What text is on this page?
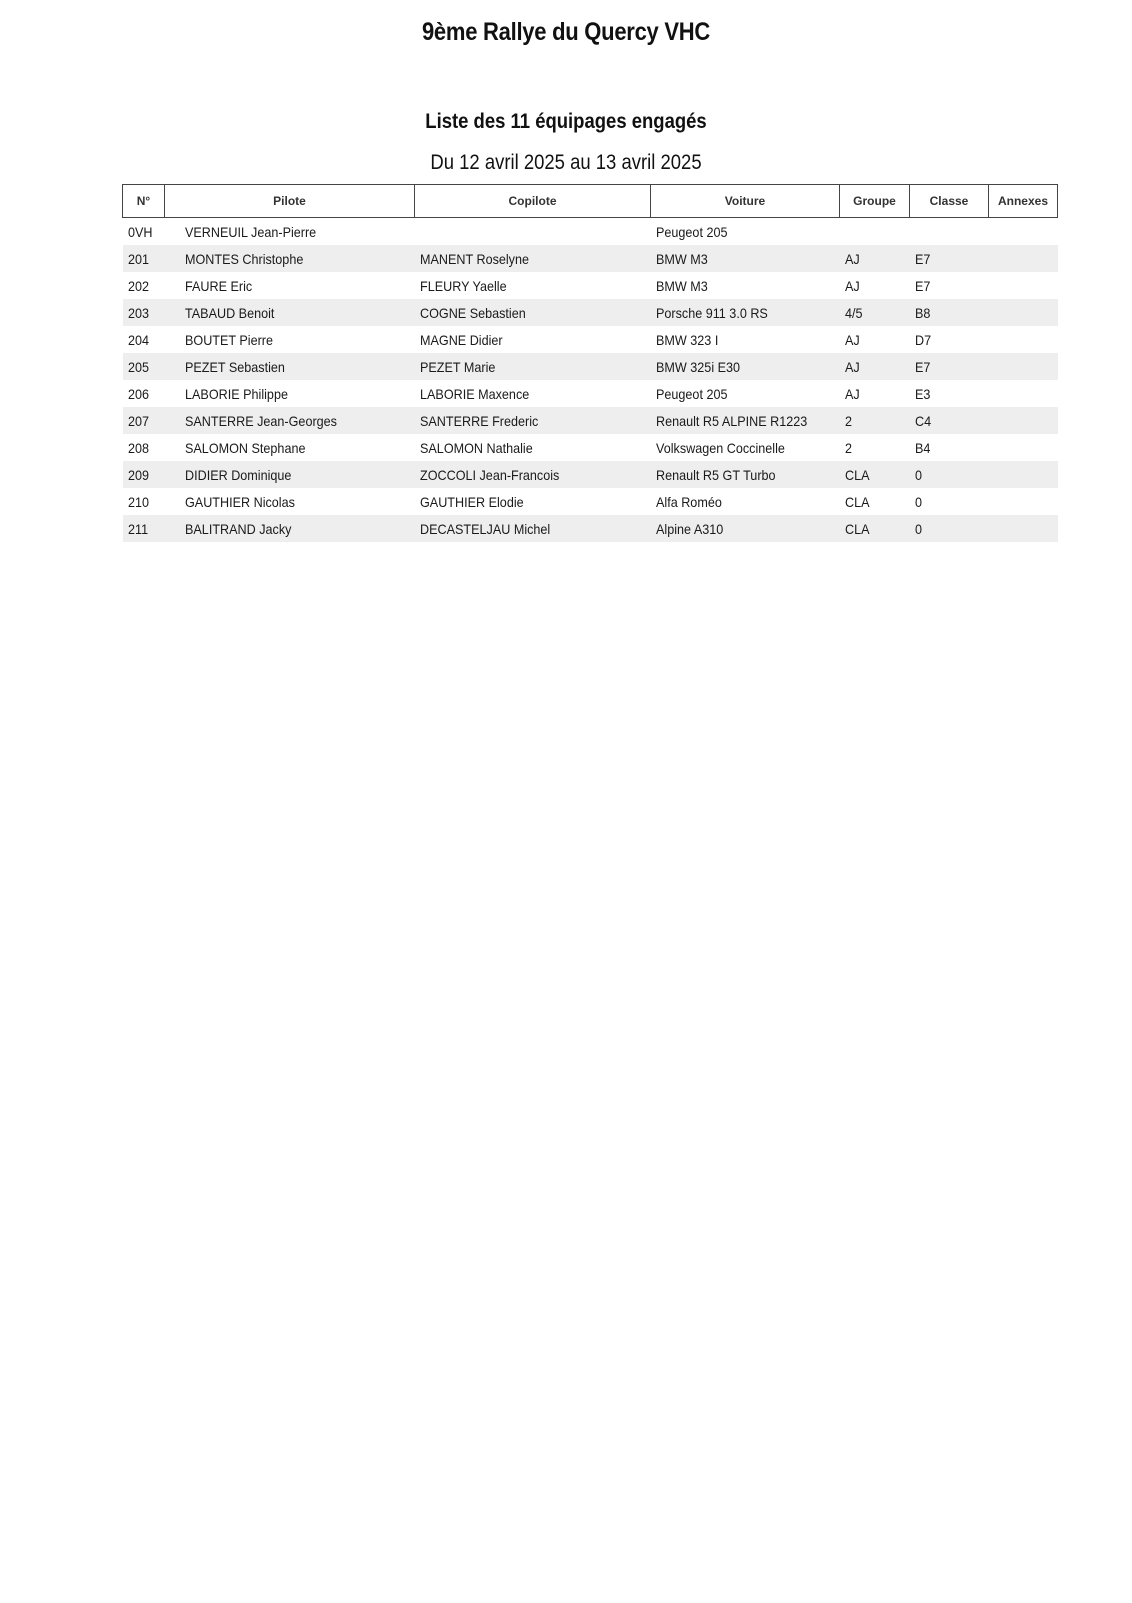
9ème Rallye du Quercy VHC
Liste des 11 équipages engagés
Du 12 avril 2025 au 13 avril 2025
N°	Pilote	Copilote	Voiture	Groupe	Classe	Annexes
0VH	VERNEUIL Jean-Pierre		Peugeot 205			
201	MONTES Christophe	MANENT Roselyne	BMW M3	AJ	E7	
202	FAURE Eric	FLEURY Yaelle	BMW M3	AJ	E7	
203	TABAUD Benoit	COGNE Sebastien	Porsche 911 3.0 RS	4/5	B8	
204	BOUTET Pierre	MAGNE Didier	BMW 323 I	AJ	D7	
205	PEZET Sebastien	PEZET Marie	BMW 325i E30	AJ	E7	
206	LABORIE Philippe	LABORIE Maxence	Peugeot 205	AJ	E3	
207	SANTERRE Jean-Georges	SANTERRE Frederic	Renault R5 ALPINE R1223	2	C4	
208	SALOMON Stephane	SALOMON Nathalie	Volkswagen Coccinelle	2	B4	
209	DIDIER Dominique	ZOCCOLI Jean-Francois	Renault R5 GT Turbo	CLA	0	
210	GAUTHIER Nicolas	GAUTHIER Elodie	Alfa Roméo	CLA	0	
211	BALITRAND Jacky	DECASTELJAU Michel	Alpine A310	CLA	0	
